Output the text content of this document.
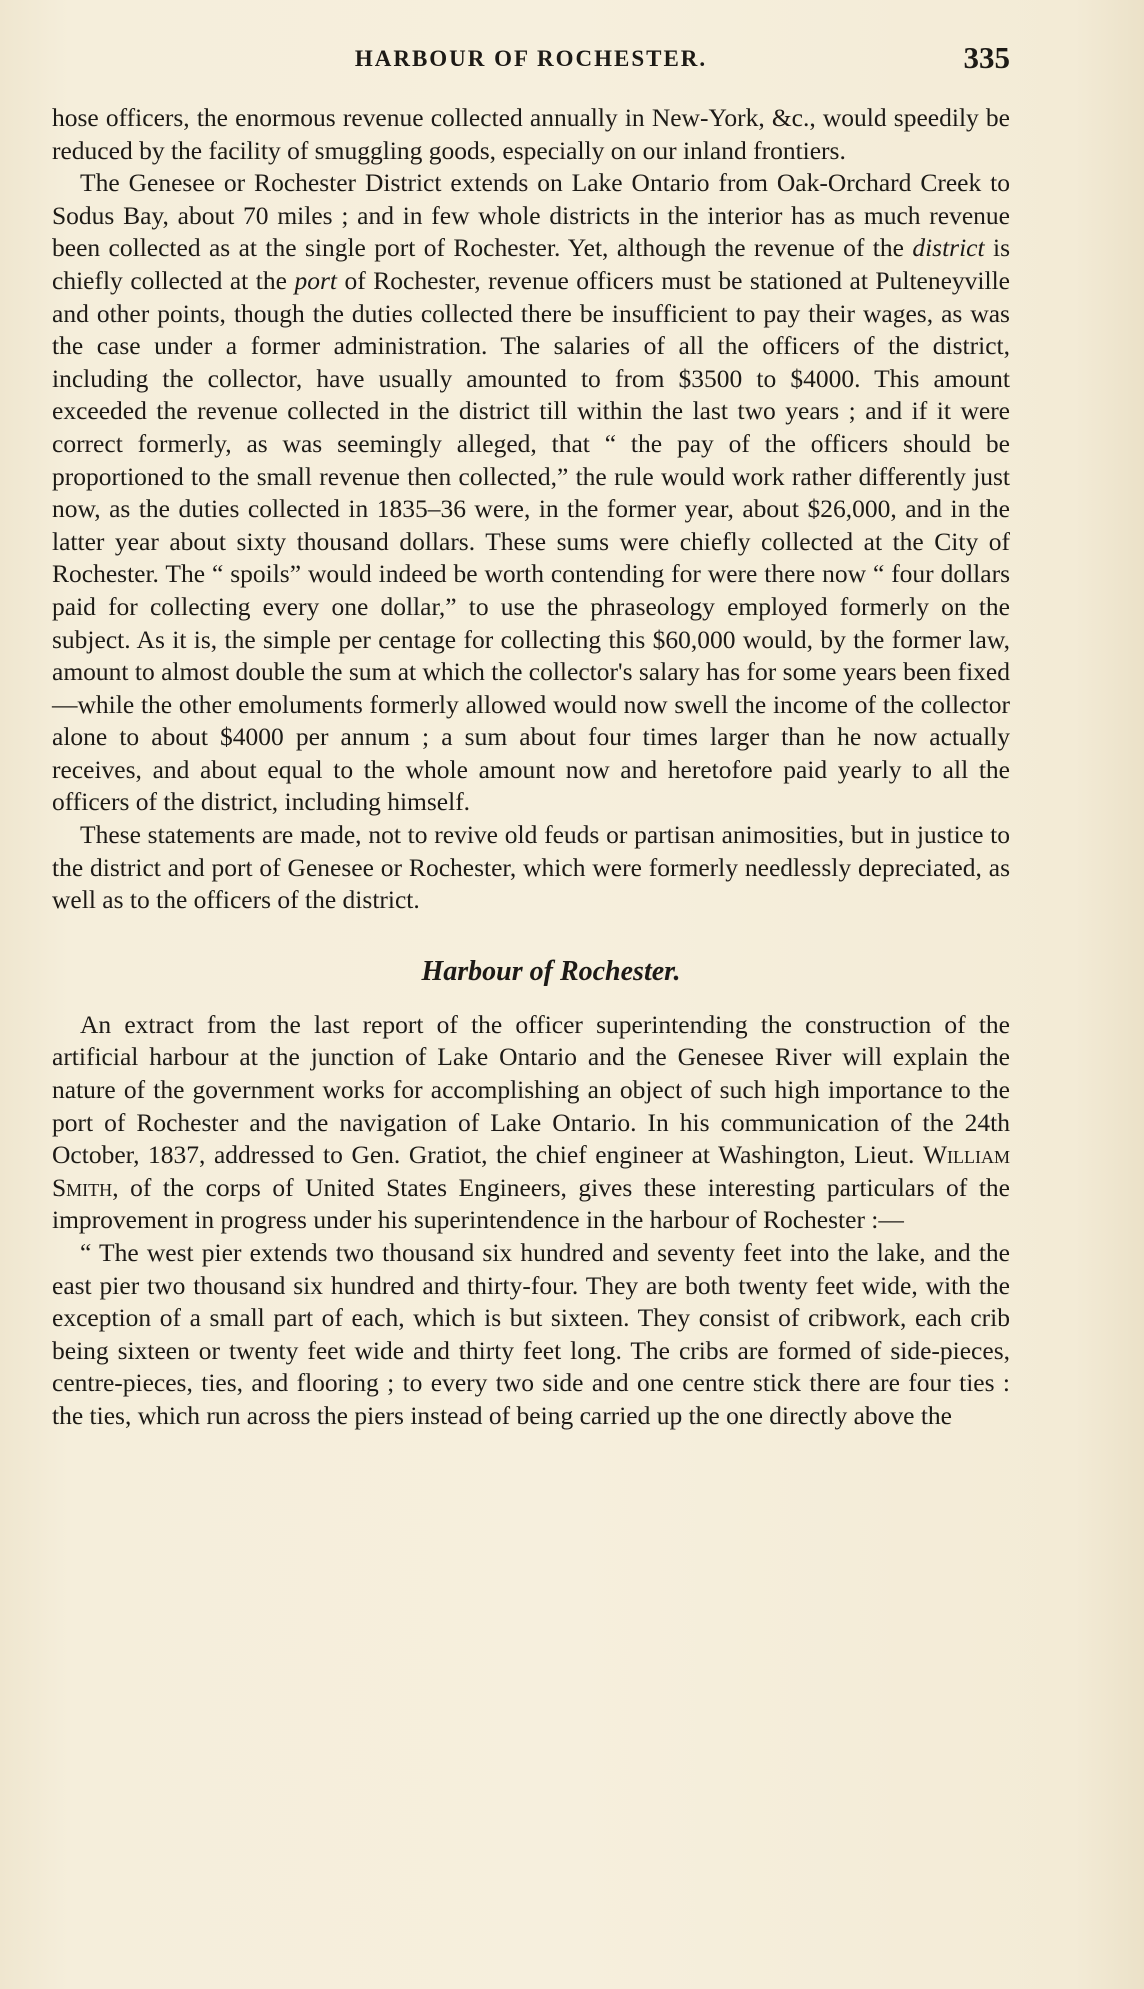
HARBOUR OF ROCHESTER.	335

hose officers, the enormous revenue collected annually in New-York, &c., would speedily be reduced by the facility of smuggling goods, especially on our inland frontiers.

The Genesee or Rochester District extends on Lake Ontario from Oak-Orchard Creek to Sodus Bay, about 70 miles ; and in few whole districts in the interior has as much revenue been collected as at the single port of Rochester. Yet, although the revenue of the district is chiefly collected at the port of Rochester, revenue officers must be stationed at Pulteneyville and other points, though the duties collected there be insufficient to pay their wages, as was the case under a former administration. The salaries of all the officers of the district, including the collector, have usually amounted to from $3500 to $4000. This amount exceeded the revenue collected in the district till within the last two years ; and if it were correct formerly, as was seemingly alleged, that “ the pay of the officers should be proportioned to the small revenue then collected,” the rule would work rather differently just now, as the duties collected in 1835–36 were, in the former year, about $26,000, and in the latter year about sixty thousand dollars. These sums were chiefly collected at the City of Rochester. The “ spoils” would indeed be worth contending for were there now “ four dollars paid for collecting every one dollar,” to use the phraseology employed formerly on the subject. As it is, the simple per centage for collecting this $60,000 would, by the former law, amount to almost double the sum at which the collector's salary has for some years been fixed—while the other emoluments formerly allowed would now swell the income of the collector alone to about $4000 per annum ; a sum about four times larger than he now actually receives, and about equal to the whole amount now and heretofore paid yearly to all the officers of the district, including himself.

These statements are made, not to revive old feuds or partisan animosities, but in justice to the district and port of Genesee or Rochester, which were formerly needlessly depreciated, as well as to the officers of the district.

Harbour of Rochester.

An extract from the last report of the officer superintending the construction of the artificial harbour at the junction of Lake Ontario and the Genesee River will explain the nature of the government works for accomplishing an object of such high importance to the port of Rochester and the navigation of Lake Ontario. In his communication of the 24th October, 1837, addressed to Gen. Gratiot, the chief engineer at Washington, Lieut. William Smith, of the corps of United States Engineers, gives these interesting particulars of the improvement in progress under his superintendence in the harbour of Rochester :—

“ The west pier extends two thousand six hundred and seventy feet into the lake, and the east pier two thousand six hundred and thirty-four. They are both twenty feet wide, with the exception of a small part of each, which is but sixteen. They consist of cribwork, each crib being sixteen or twenty feet wide and thirty feet long. The cribs are formed of side-pieces, centre-pieces, ties, and flooring ; to every two side and one centre stick there are four ties : the ties, which run across the piers instead of being carried up the one directly above the
